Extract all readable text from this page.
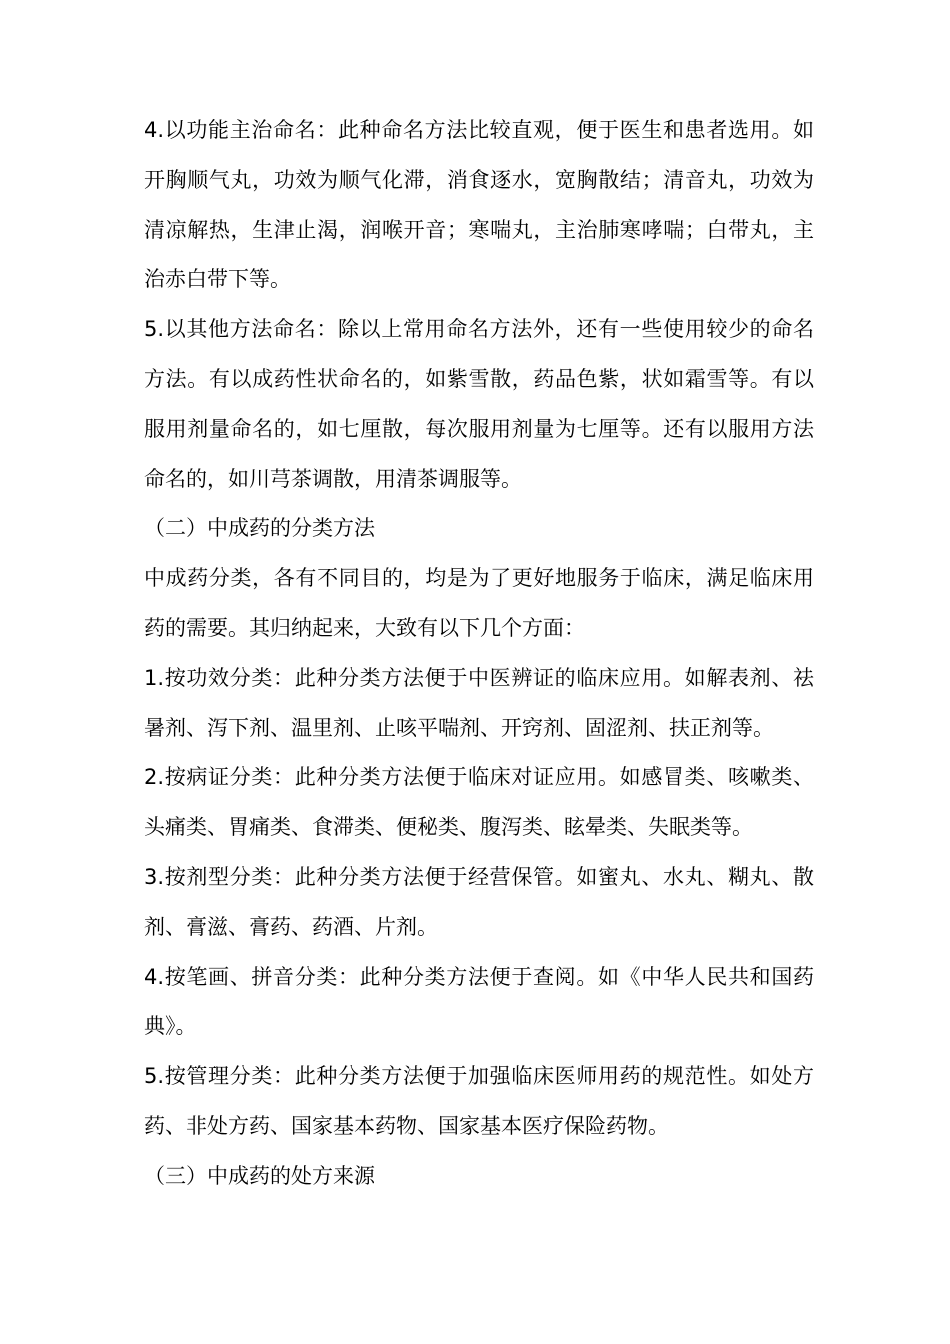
4.以功能主治命名：此种命名方法比较直观，便于医生和患者选用。如开胸顺气丸，功效为顺气化滞，消食逐水，宽胸散结；清音丸，功效为清凉解热，生津止渴，润喉开音；寒喘丸，主治肺寒哮喘；白带丸，主治赤白带下等。

5.以其他方法命名：除以上常用命名方法外，还有一些使用较少的命名方法。有以成药性状命名的，如紫雪散，药品色紫，状如霜雪等。有以服用剂量命名的，如七厘散，每次服用剂量为七厘等。还有以服用方法命名的，如川芎茶调散，用清茶调服等。

（二）中成药的分类方法

中成药分类，各有不同目的，均是为了更好地服务于临床，满足临床用药的需要。其归纳起来，大致有以下几个方面：

1.按功效分类：此种分类方法便于中医辨证的临床应用。如解表剂、祛暑剂、泻下剂、温里剂、止咳平喘剂、开窍剂、固涩剂、扶正剂等。

2.按病证分类：此种分类方法便于临床对证应用。如感冒类、咳嗽类、头痛类、胃痛类、食滞类、便秘类、腹泻类、眩晕类、失眠类等。

3.按剂型分类：此种分类方法便于经营保管。如蜜丸、水丸、糊丸、散剂、膏滋、膏药、药酒、片剂。

4.按笔画、拼音分类：此种分类方法便于查阅。如《中华人民共和国药典》。

5.按管理分类：此种分类方法便于加强临床医师用药的规范性。如处方药、非处方药、国家基本药物、国家基本医疗保险药物。

（三）中成药的处方来源
